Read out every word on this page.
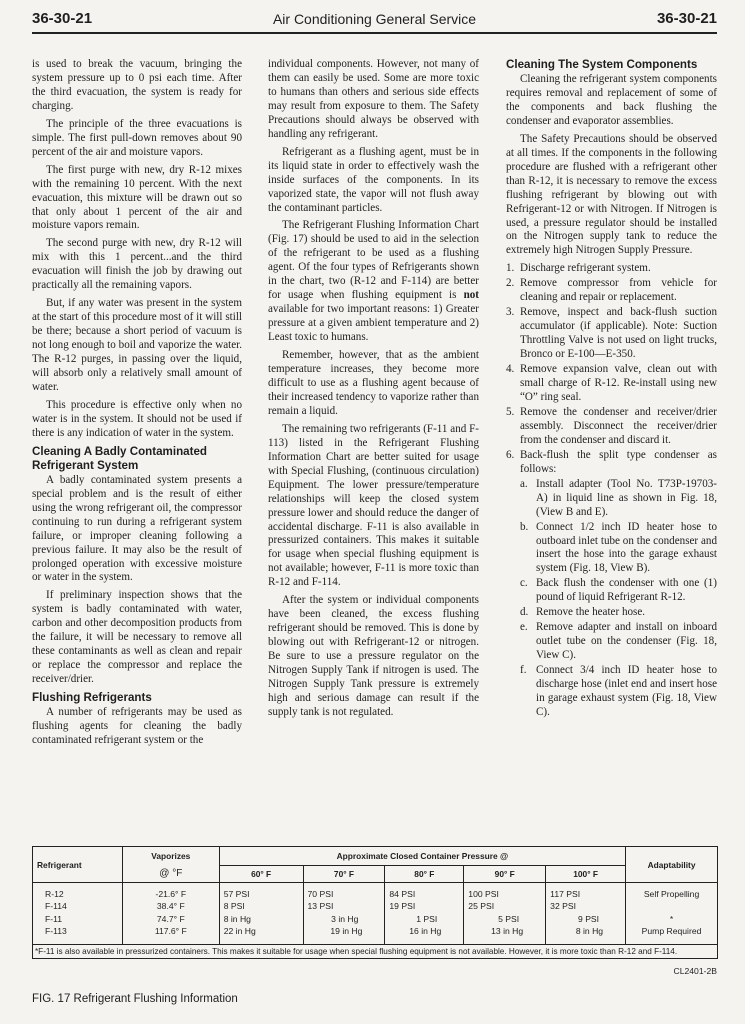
36-30-21	Air Conditioning General Service	36-30-21

is used to break the vacuum, bringing the system pressure up to 0 psi each time. After the third evacuation, the system is ready for charging.

The principle of the three evacuations is simple. The first pull-down removes about 90 percent of the air and moisture vapors.

The first purge with new, dry R-12 mixes with the remaining 10 percent. With the next evacuation, this mixture will be drawn out so that only about 1 percent of the air and moisture vapors remain.

The second purge with new, dry R-12 will mix with this 1 percent...and the third evacuation will finish the job by drawing out practically all the remaining vapors.

But, if any water was present in the system at the start of this procedure most of it will still be there; because a short period of vacuum is not long enough to boil and vaporize the water. The R-12 purges, in passing over the liquid, will absorb only a relatively small amount of water.

This procedure is effective only when no water is in the system. It should not be used if there is any indication of water in the system.

Cleaning A Badly Contaminated Refrigerant System

A badly contaminated system presents a special problem and is the result of either using the wrong refrigerant oil, the compressor continuing to run during a refrigerant system failure, or improper cleaning following a previous failure. It may also be the result of prolonged operation with excessive moisture or water in the system.

If preliminary inspection shows that the system is badly contaminated with water, carbon and other decomposition products from the failure, it will be necessary to remove all these contaminants as well as clean and repair or replace the compressor and replace the receiver/drier.

Flushing Refrigerants

A number of refrigerants may be used as flushing agents for cleaning the badly contaminated refrigerant system or the

individual components. However, not many of them can easily be used. Some are more toxic to humans than others and serious side effects may result from exposure to them. The Safety Precautions should always be observed with handling any refrigerant.

Refrigerant as a flushing agent, must be in its liquid state in order to effectively wash the inside surfaces of the components. In its vaporized state, the vapor will not flush away the contaminant particles.

The Refrigerant Flushing Information Chart (Fig. 17) should be used to aid in the selection of the refrigerant to be used as a flushing agent. Of the four types of Refrigerants shown in the chart, two (R-12 and F-114) are better for usage when flushing equipment is not available for two important reasons: 1) Greater pressure at a given ambient temperature and 2) Least toxic to humans.

Remember, however, that as the ambient temperature increases, they become more difficult to use as a flushing agent because of their increased tendency to vaporize rather than remain a liquid.

The remaining two refrigerants (F-11 and F-113) listed in the Refrigerant Flushing Information Chart are better suited for usage with Special Flushing, (continuous circulation) Equipment. The lower pressure/temperature relationships will keep the closed system pressure lower and should reduce the danger of accidental discharge. F-11 is also available in pressurized containers. This makes it suitable for usage when special flushing equipment is not available; however, F-11 is more toxic than R-12 and F-114.

After the system or individual components have been cleaned, the excess flushing refrigerant should be removed. This is done by blowing out with Refrigerant-12 or nitrogen. Be sure to use a pressure regulator on the Nitrogen Supply Tank if nitrogen is used. The Nitrogen Supply Tank pressure is extremely high and serious damage can result if the supply tank is not regulated.

Cleaning The System Components

Cleaning the refrigerant system components requires removal and replacement of some of the components and back flushing the condenser and evaporator assemblies.

The Safety Precautions should be observed at all times. If the components in the following procedure are flushed with a refrigerant other than R-12, it is necessary to remove the excess flushing refrigerant by blowing out with Refrigerant-12 or with Nitrogen. If Nitrogen is used, a pressure regulator should be installed on the Nitrogen supply tank to reduce the extremely high Nitrogen Supply Pressure.

1. Discharge refrigerant system.
2. Remove compressor from vehicle for cleaning and repair or replacement.
3. Remove, inspect and back-flush suction accumulator (if applicable). Note: Suction Throttling Valve is not used on light trucks, Bronco or E-100—E-350.
4. Remove expansion valve, clean out with small charge of R-12. Re-install using new “O” ring seal.
5. Remove the condenser and receiver/drier assembly. Disconnect the receiver/drier from the condenser and discard it.
6. Back-flush the split type condenser as follows:
a. Install adapter (Tool No. T73P-19703-A) in liquid line as shown in Fig. 18, (View B and E).
b. Connect 1/2 inch ID heater hose to outboard inlet tube on the condenser and insert the hose into the garage exhaust system (Fig. 18, View B).
c. Back flush the condenser with one (1) pound of liquid Refrigerant R-12.
d. Remove the heater hose.
e. Remove adapter and install on inboard outlet tube on the condenser (Fig. 18, View C).
f. Connect 3/4 inch ID heater hose to discharge hose (inlet end and insert hose in garage exhaust system (Fig. 18, View C).
Refrigerant	Vaporizes	Approximate Closed Container Pressure @					Adaptability
	@ °F	60° F	70° F	80° F	90° F	100° F	
R-12	-21.6° F	57 PSI	70 PSI	84 PSI	100 PSI	117 PSI	Self Propelling
F-114	38.4° F	8 PSI	13 PSI	19 PSI	25 PSI	32 PSI	
F-11	74.7° F	8 in Hg	3 in Hg	1 PSI	5 PSI	9 PSI	*
F-113	117.6° F	22 in Hg	19 in Hg	16 in Hg	13 in Hg	8 in Hg	Pump Required
*F-11 is also available in pressurized containers. This makes it suitable for usage when special flushing equipment is not available. However, it is more toxic than R-12 and F-114.							
CL2401-2B
FIG. 17 Refrigerant Flushing Information
